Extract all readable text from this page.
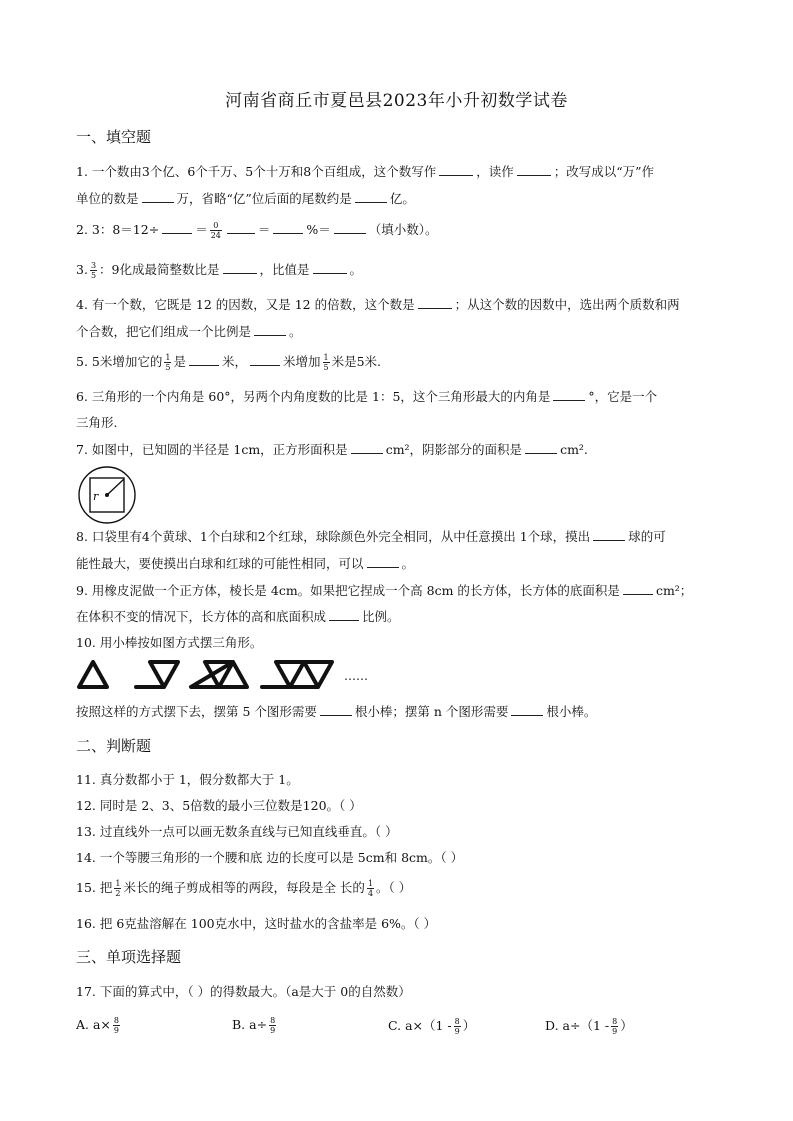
河南省商丘市夏邑县2023年小升初数学试卷
一、填空题
1. 一个数由3个亿、6个千万、5个十万和8个百组成，这个数写作	，读作	；改写成以“万”作
单位的数是	万，省略“亿”位后面的尾数约是	亿。
2. 3：8＝12÷	＝ $\frac{0}{24}$	＝	%＝	（填小数）。
3. $\frac{3}{5}$ ：9化成最简整数比是	，比值是	。
4. 有一个数，它既是 12 的因数，又是 12 的倍数，这个数是	；从这个数的因数中，选出两个质数和两
个合数，把它们组成一个比例是	。
5. 5米增加它的 $\frac{1}{5}$ 是	米，	米增加 $\frac{1}{5}$ 米是5米.
6. 三角形的一个内角是 60°，另两个内角度数的比是 1：5，这个三角形最大的内角是	°，它是一个
三角形.
7. 如图中，已知圆的半径是 1cm，正方形面积是	cm²，阴影部分的面积是	cm².
r
8. 口袋里有4个黄球、1个白球和2个红球，球除颜色外完全相同，从中任意摸出 1个球，摸出	球的可
能性最大，要使摸出白球和红球的可能性相同，可以	。
9. 用橡皮泥做一个正方体，棱长是 4cm。如果把它捏成一个高 8cm 的长方体，长方体的底面积是	cm²；
在体积不变的情况下，长方体的高和底面积成	比例。
10. 用小棒按如图方式摆三角形。
……
按照这样的方式摆下去，摆第 5 个图形需要	根小棒；摆第 n 个图形需要	根小棒。
二、判断题
11. 真分数都小于 1，假分数都大于 1。
12. 同时是 2、3、5倍数的最小三位数是120。（ ）
13. 过直线外一点可以画无数条直线与已知直线垂直。（ ）
14. 一个等腰三角形的一个腰和底 边的长度可以是 5cm和 8cm。（ ）
15. 把 $\frac{1}{2}$ 米长的绳子剪成相等的两段，每段是全 长的 $\frac{1}{4}$ 。（ ）
16. 把 6克盐溶解在 100克水中，这时盐水的含盐率是 6%。（ ）
三、单项选择题
17. 下面的算式中，（ ）的得数最大。（a是大于 0的自然数）
A. $a\times \frac{8}{9}$	B. $a\div \frac{8}{9}$	C. $a\times(1 - \frac{8}{9}$ ）	D. $a\div(1 - \frac{8}{9}$ ）
